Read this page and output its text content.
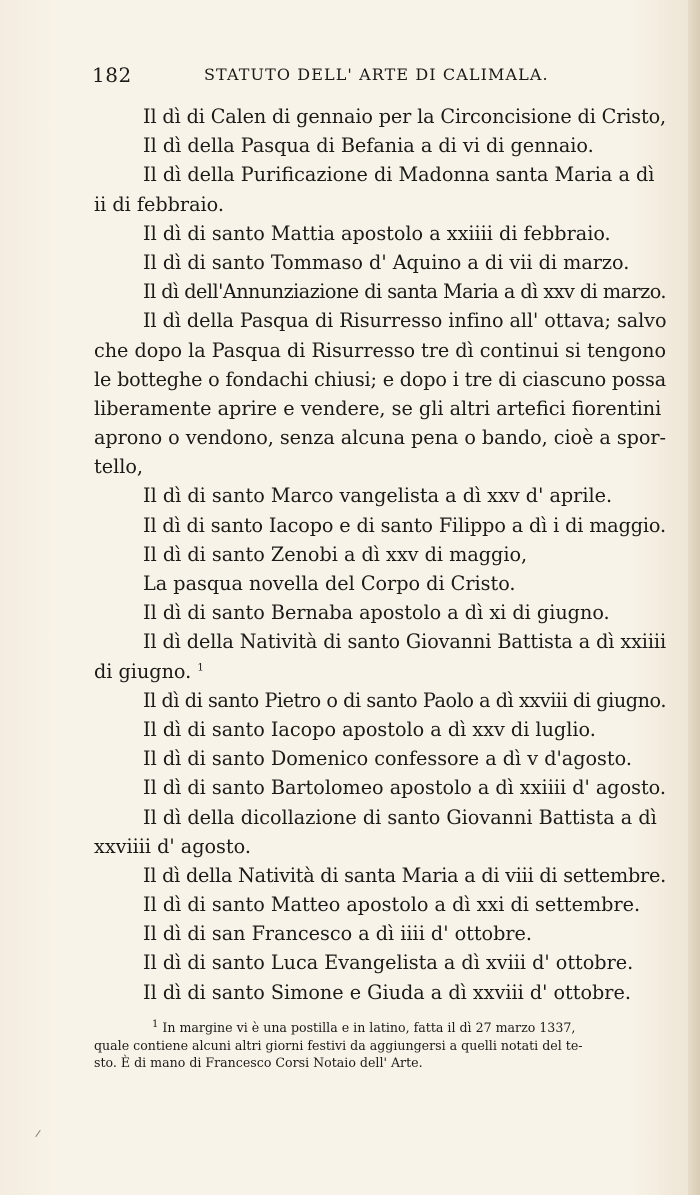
182	STATUTO DELL' ARTE DI CALIMALA.
Il dì di Calen di gennaio per la Circoncisione di Cristo,
Il dì della Pasqua di Befania a di vi di gennaio.
Il dì della Purificazione di Madonna santa Maria a dì
ii di febbraio.
Il dì di santo Mattia apostolo a xxiiii di febbraio.
Il dì di santo Tommaso d' Aquino a di vii di marzo.
Il dì dell'Annunziazione di santa Maria a dì xxv di marzo.
Il dì della Pasqua di Risurresso infino all' ottava; salvo
che dopo la Pasqua di Risurresso tre dì continui si tengono
le botteghe o fondachi chiusi; e dopo i tre di ciascuno possa
liberamente aprire e vendere, se gli altri artefici fiorentini
aprono o vendono, senza alcuna pena o bando, cioè a spor-
tello,
Il dì di santo Marco vangelista a dì xxv d' aprile.
Il dì di santo Iacopo e di santo Filippo a dì i di maggio.
Il dì di santo Zenobi a dì xxv di maggio,
La pasqua novella del Corpo di Cristo.
Il dì di santo Bernaba apostolo a dì xi di giugno.
Il dì della Natività di santo Giovanni Battista a dì xxiiii
di giugno. $^1$
Il dì di santo Pietro o di santo Paolo a dì xxviii di giugno.
Il dì di santo Iacopo apostolo a dì xxv di luglio.
Il dì di santo Domenico confessore a dì v d'agosto.
Il dì di santo Bartolomeo apostolo a dì xxiiii d' agosto.
Il dì della dicollazione di santo Giovanni Battista a dì
xxviiii d' agosto.
Il dì della Natività di santa Maria a di viii di settembre.
Il dì di santo Matteo apostolo a dì xxi di settembre.
Il dì di san Francesco a dì iiii d' ottobre.
Il dì di santo Luca Evangelista a dì xviii d' ottobre.
Il dì di santo Simone e Giuda a dì xxviii d' ottobre.
$^1$ In margine vi è una postilla e in latino, fatta il dì 27 marzo 1337,
quale contiene alcuni altri giorni festivi da aggiungersi a quelli notati del te-
sto. È di mano di Francesco Corsi Notaio dell' Arte.
